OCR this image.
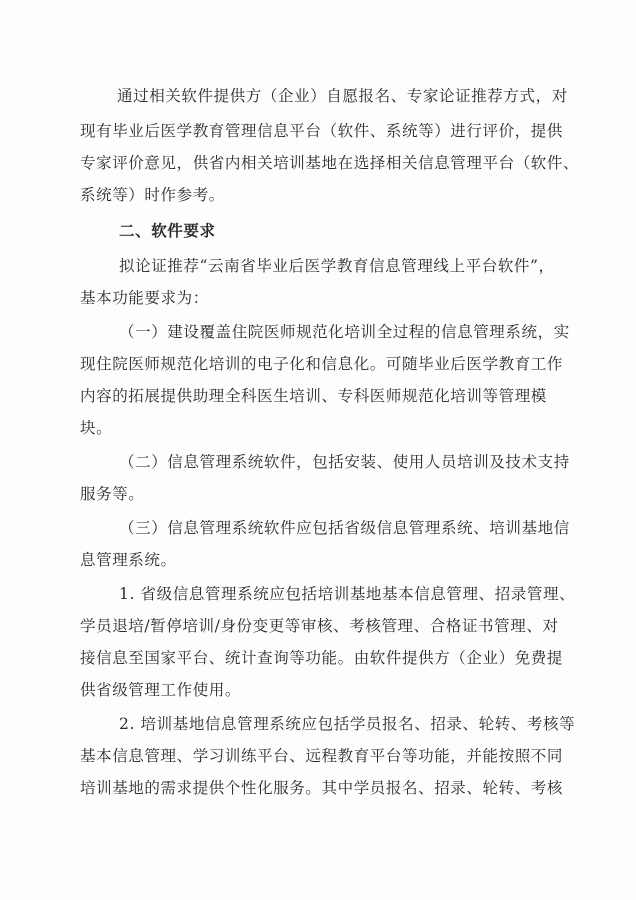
通过相关软件提供方（企业）自愿报名、专家论证推荐方式，对
现有毕业后医学教育管理信息平台（软件、系统等）进行评价，提供
专家评价意见，供省内相关培训基地在选择相关信息管理平台（软件、
系统等）时作参考。
二、软件要求
拟论证推荐“云南省毕业后医学教育信息管理线上平台软件”，
基本功能要求为：
（一）建设覆盖住院医师规范化培训全过程的信息管理系统，实
现住院医师规范化培训的电子化和信息化。可随毕业后医学教育工作
内容的拓展提供助理全科医生培训、专科医师规范化培训等管理模
块。
（二）信息管理系统软件，包括安装、使用人员培训及技术支持
服务等。
（三）信息管理系统软件应包括省级信息管理系统、培训基地信
息管理系统。
1. 省级信息管理系统应包括培训基地基本信息管理、招录管理、
学员退培/暂停培训/身份变更等审核、考核管理、合格证书管理、对
接信息至国家平台、统计查询等功能。由软件提供方（企业）免费提
供省级管理工作使用。
2. 培训基地信息管理系统应包括学员报名、招录、轮转、考核等
基本信息管理、学习训练平台、远程教育平台等功能，并能按照不同
培训基地的需求提供个性化服务。其中学员报名、招录、轮转、考核
